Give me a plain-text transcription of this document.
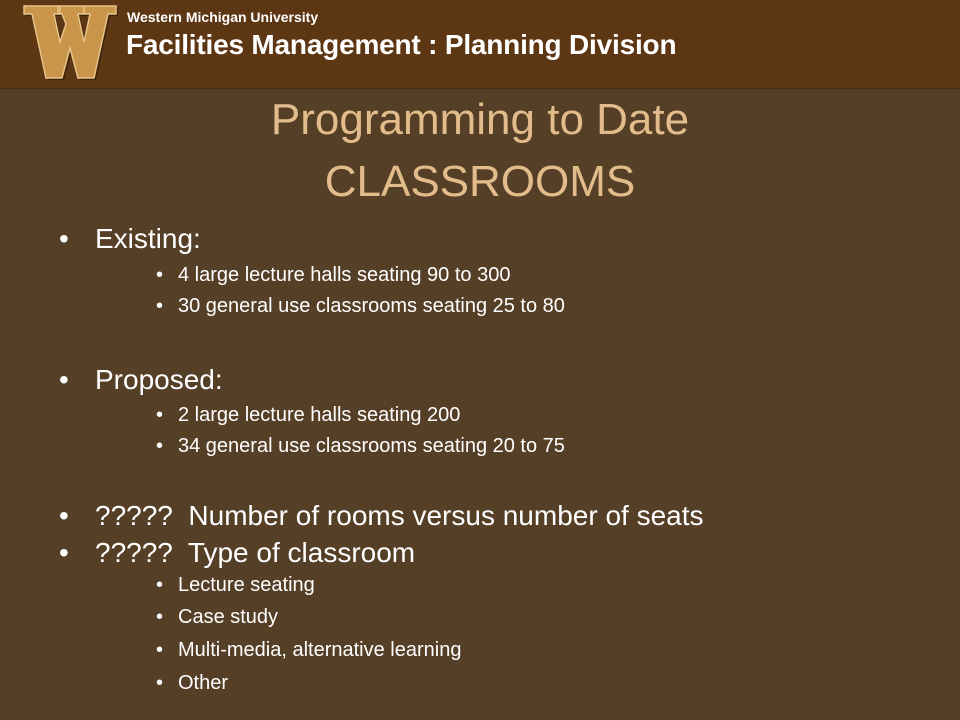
Western Michigan University
Facilities Management : Planning Division
Programming to Date
CLASSROOMS
• Existing:
• 4 large lecture halls seating 90 to 300
• 30 general use classrooms seating 25 to 80
• Proposed:
• 2 large lecture halls seating 200
• 34 general use classrooms seating 20 to 75
• ?????  Number of rooms versus number of seats
• ?????  Type of classroom
• Lecture seating
• Case study
• Multi-media, alternative learning
• Other
